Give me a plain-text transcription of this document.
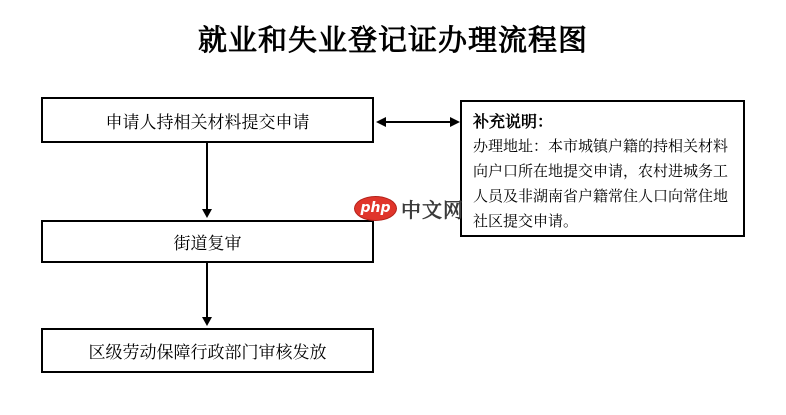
就业和失业登记证办理流程图
申请人持相关材料提交申请
街道复审
区级劳动保障行政部门审核发放
补充说明：
办理地址：本市城镇户籍的持相关材料向户口所在地提交申请，农村进城务工人员及非湖南省户籍常住人口向常住地社区提交申请。
php 中文网
